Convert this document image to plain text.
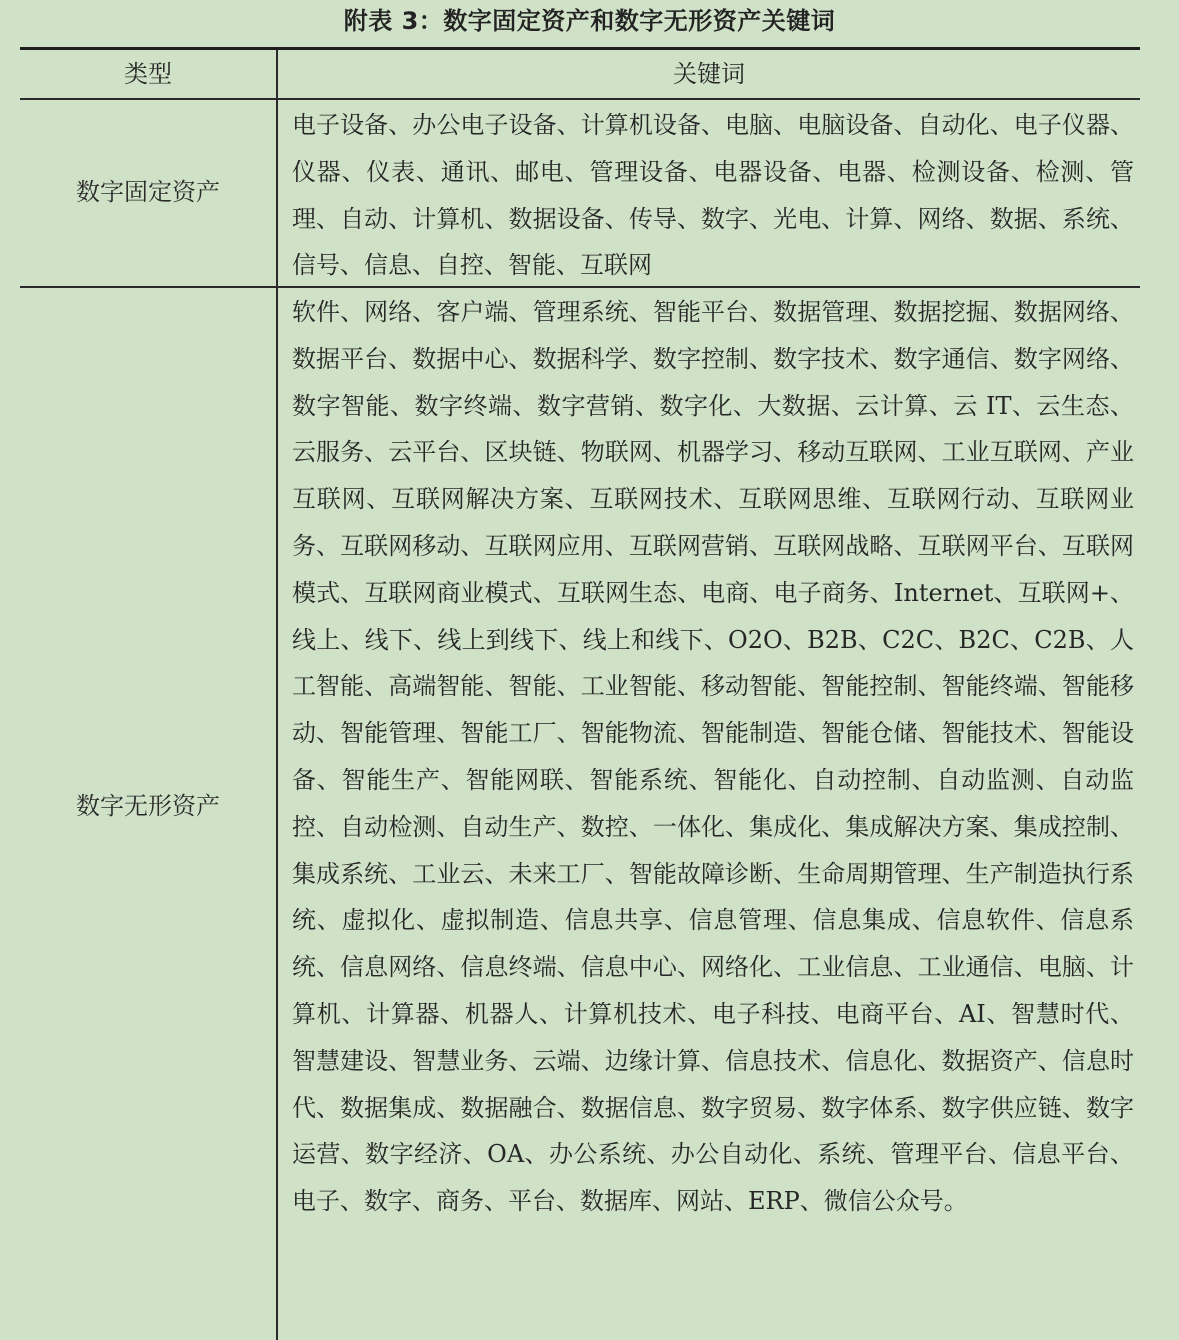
附表 3：数字固定资产和数字无形资产关键词
类型	关键词
数字固定资产
电子设备、办公电子设备、计算机设备、电脑、电脑设备、自动化、电子仪器、仪器、仪表、通讯、邮电、管理设备、电器设备、电器、检测设备、检测、管理、自动、计算机、数据设备、传导、数字、光电、计算、网络、数据、系统、信号、信息、自控、智能、互联网
数字无形资产
软件、网络、客户端、管理系统、智能平台、数据管理、数据挖掘、数据网络、数据平台、数据中心、数据科学、数字控制、数字技术、数字通信、数字网络、数字智能、数字终端、数字营销、数字化、大数据、云计算、云 IT、云生态、云服务、云平台、区块链、物联网、机器学习、移动互联网、工业互联网、产业互联网、互联网解决方案、互联网技术、互联网思维、互联网行动、互联网业务、互联网移动、互联网应用、互联网营销、互联网战略、互联网平台、互联网模式、互联网商业模式、互联网生态、电商、电子商务、Internet、互联网+、线上、线下、线上到线下、线上和线下、O2O、B2B、C2C、B2C、C2B、人工智能、高端智能、智能、工业智能、移动智能、智能控制、智能终端、智能移动、智能管理、智能工厂、智能物流、智能制造、智能仓储、智能技术、智能设备、智能生产、智能网联、智能系统、智能化、自动控制、自动监测、自动监控、自动检测、自动生产、数控、一体化、集成化、集成解决方案、集成控制、集成系统、工业云、未来工厂、智能故障诊断、生命周期管理、生产制造执行系统、虚拟化、虚拟制造、信息共享、信息管理、信息集成、信息软件、信息系统、信息网络、信息终端、信息中心、网络化、工业信息、工业通信、电脑、计算机、计算器、机器人、计算机技术、电子科技、电商平台、AI、智慧时代、智慧建设、智慧业务、云端、边缘计算、信息技术、信息化、数据资产、信息时代、数据集成、数据融合、数据信息、数字贸易、数字体系、数字供应链、数字运营、数字经济、OA、办公系统、办公自动化、系统、管理平台、信息平台、电子、数字、商务、平台、数据库、网站、ERP、微信公众号。
